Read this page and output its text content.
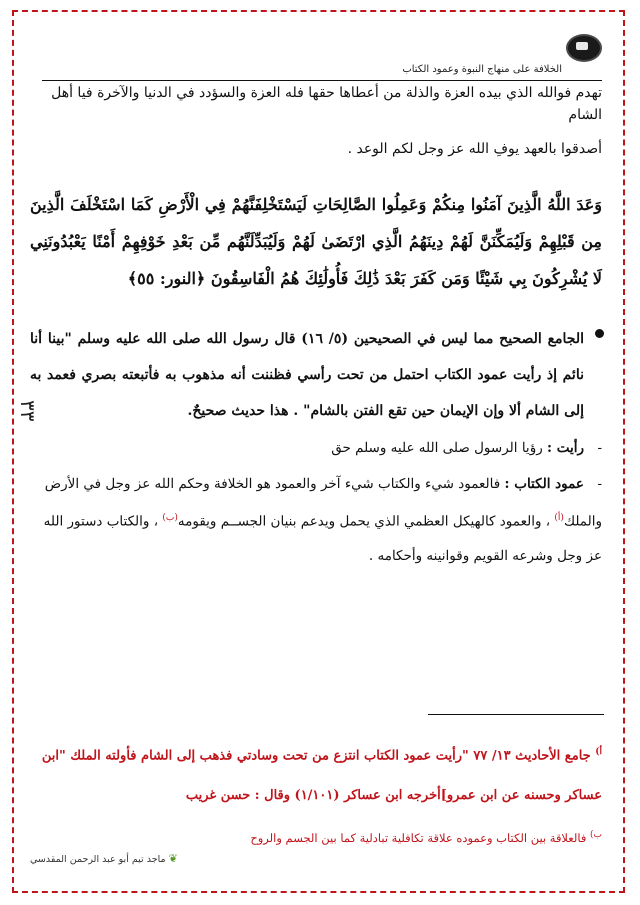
الخلافة على منهاج النبوة وعمود الكتاب
٣٣

تهدم فوالله الذي بيده العزة والذلة من أعطاها حقها فله العزة والسؤدد في الدنيا والآخرة فيا أهل الشام

أصدقوا بالعهد يوفِ الله عز وجل لكم الوعد .

وَعَدَ اللَّهُ الَّذِينَ آمَنُوا مِنكُمْ وَعَمِلُوا الصَّالِحَاتِ لَيَسْتَخْلِفَنَّهُمْ فِي الْأَرْضِ كَمَا اسْتَخْلَفَ الَّذِينَ مِن قَبْلِهِمْ وَلَيُمَكِّنَنَّ لَهُمْ دِينَهُمُ الَّذِي ارْتَضَىٰ لَهُمْ وَلَيُبَدِّلَنَّهُم مِّن بَعْدِ خَوْفِهِمْ أَمْنًا يَعْبُدُونَنِي لَا يُشْرِكُونَ بِي شَيْئًا وَمَن كَفَرَ بَعْدَ ذَٰلِكَ فَأُولَٰئِكَ هُمُ الْفَاسِقُونَ ﴿النور: ٥٥﴾
الجامع الصحيح مما ليس في الصحيحين (٥/ ١٦) قال رسول الله صلى الله عليه وسلم "بينا أنا نائم إذ رأيت عمود الكتاب احتمل من تحت رأسي فظننت أنه مذهوب به فأتبعته بصري فعمد به إلى الشام ألا وإن الإيمان حين تقع الفتن بالشام" . هذا حديث صحيحٌ.
-رأيت : رؤيا الرسول صلى الله عليه وسلم حق
-عمود الكتاب : فالعمود شيء والكتاب شيء آخر والعمود هو الخلافة وحكم الله عز وجل في الأرض والملك$^{(أ)}$ ، والعمود كالهيكل العظمي الذي يحمل ويدعم بنيان الجســم ويقومه$^{(ب)}$ ، والكتاب دستور الله عز وجل وشرعه القويم وقوانينه وأحكامه .
$^{أ)}$ جامع الأحاديث ١٣/ ٧٧ "رأيت عمود الكتاب انتزع من تحت وسادتي فذهب إلى الشام فأولته الملك "ابن عساكر وحسنه عن ابن عمرو]أخرجه ابن عساكر (١/١٠١) وقال : حسن غريب
$^{ب)}$ فالعلاقة بين الكتاب وعموده علاقة تكافلية تبادلية كما بين الجسم والروح
❦ ماجد تيم أبو عبد الرحمن المقدسي
